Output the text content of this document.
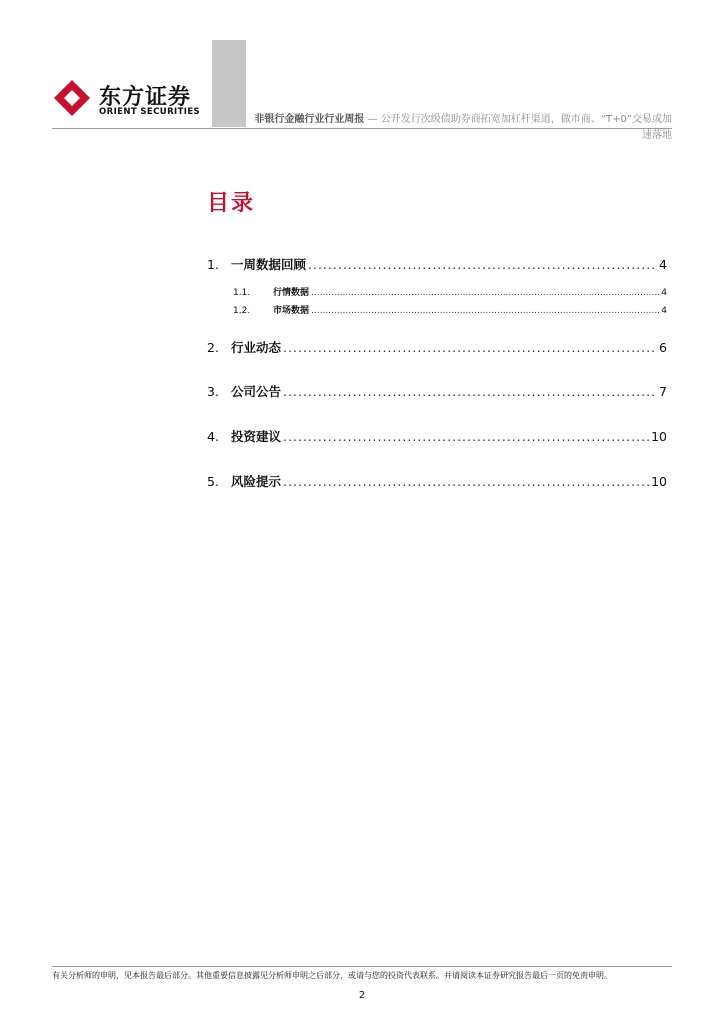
东方证券
ORIENT SECURITIES
非银行金融行业行业周报 — 公开发行次级债助券商拓宽加杠杆渠道，做市商、“T+0”交易或加
速落地
目录
1. 一周数据回顾 .....	4
1.1.	行情数据 .....	4
1.2.	市场数据 .....	4
2. 行业动态 .....	6
3. 公司公告 .....	7
4. 投资建议 .....	10
5. 风险提示 .....	10
有关分析师的申明，见本报告最后部分。其他重要信息披露见分析师申明之后部分，或请与您的投资代表联系。并请阅读本证券研究报告最后一页的免责申明。
2
